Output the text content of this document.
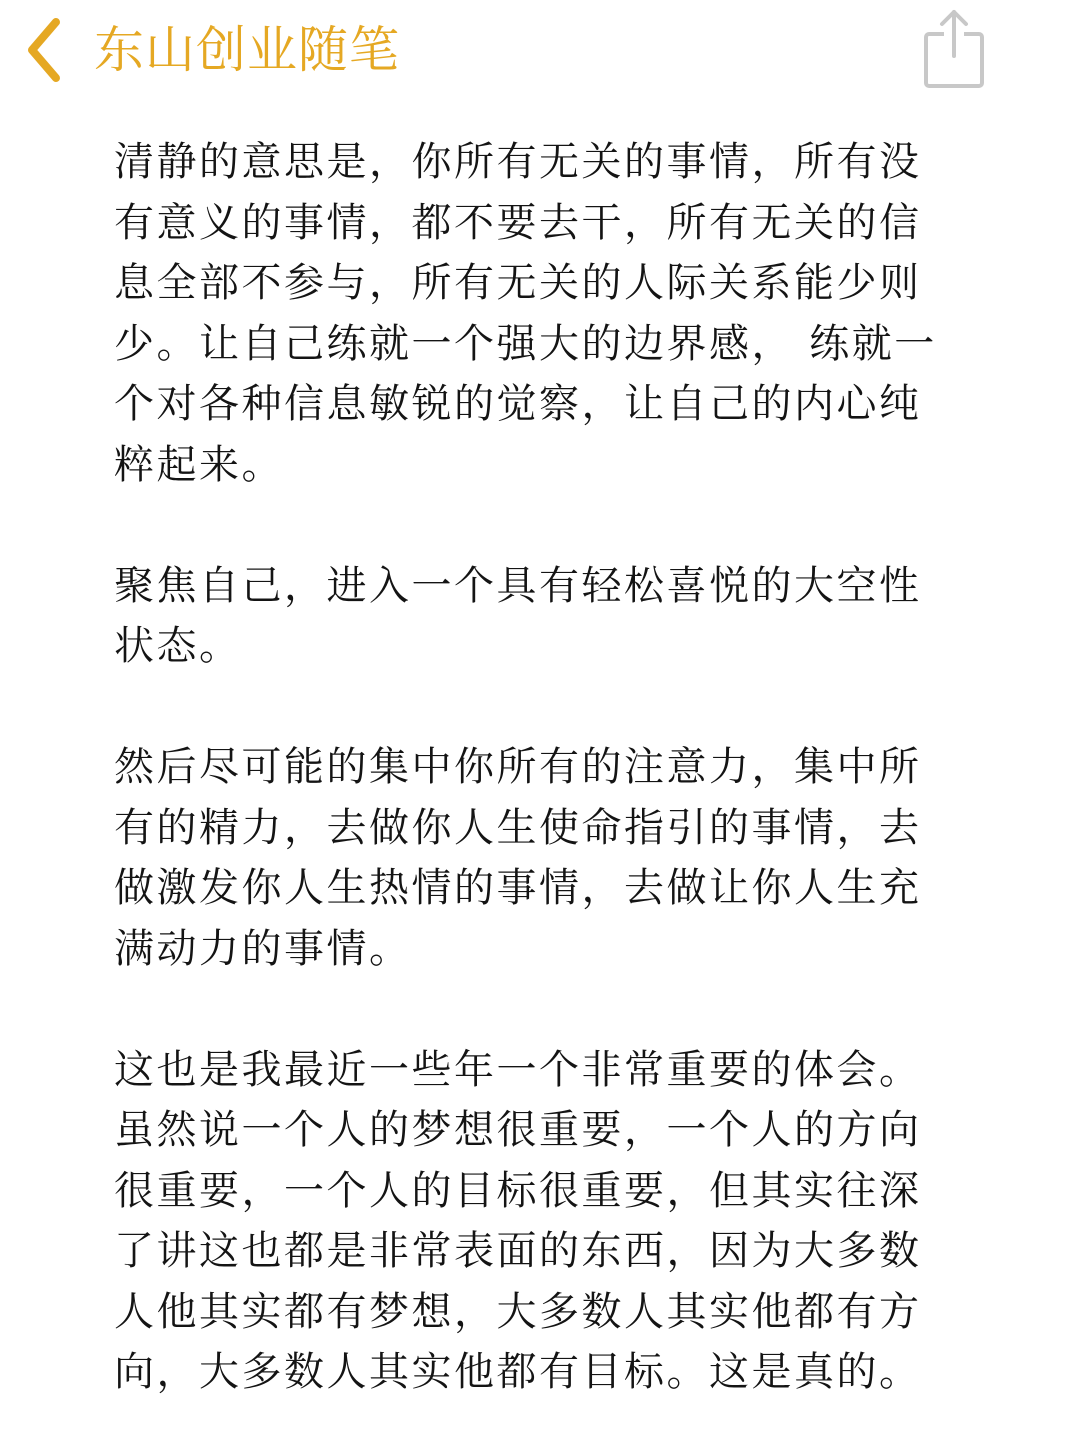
东山创业随笔
清静的意思是，你所有无关的事情，所有没
有意义的事情，都不要去干，所有无关的信
息全部不参与，所有无关的人际关系能少则
少。让自己练就一个强大的边界感， 练就一
个对各种信息敏锐的觉察，让自己的内心纯
粹起来。
聚焦自己，进入一个具有轻松喜悦的大空性
状态。
然后尽可能的集中你所有的注意力，集中所
有的精力，去做你人生使命指引的事情，去
做激发你人生热情的事情，去做让你人生充
满动力的事情。
这也是我最近一些年一个非常重要的体会。
虽然说一个人的梦想很重要，一个人的方向
很重要，一个人的目标很重要，但其实往深
了讲这也都是非常表面的东西，因为大多数
人他其实都有梦想，大多数人其实他都有方
向，大多数人其实他都有目标。这是真的。
